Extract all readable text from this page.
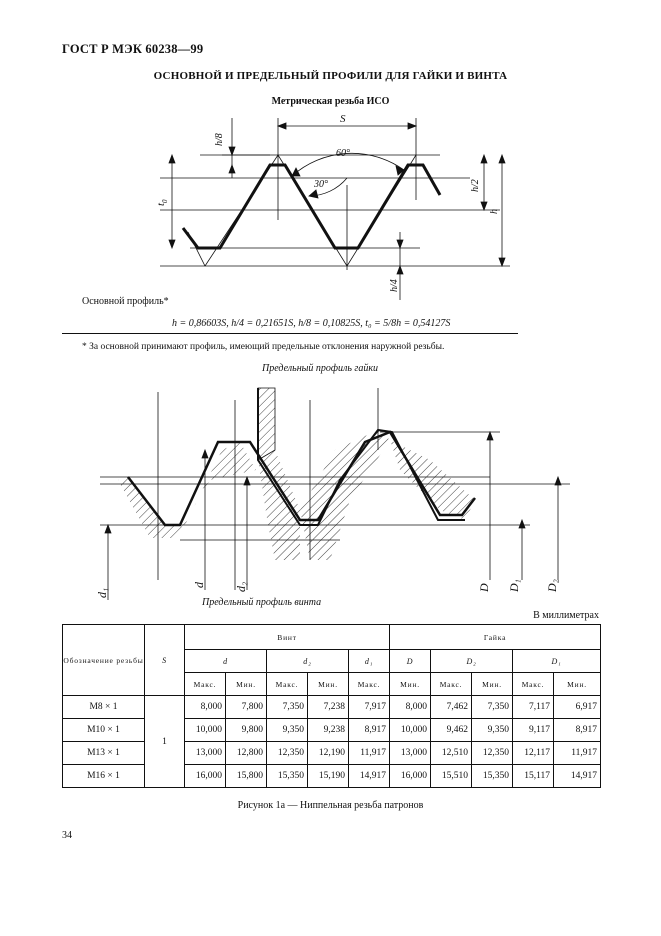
ГОСТ Р МЭК 60238—99
ОСНОВНОЙ И ПРЕДЕЛЬНЫЙ ПРОФИЛИ ДЛЯ ГАЙКИ И ВИНТА
Метрическая резьба ИСО
S
60°
30°
h/8
h/2
h
h/4
$t_0$
Основной профиль*
h = 0,86603S, h/4 = 0,21651S, h/8 = 0,10825S, t₀ = 5/8h = 0,54127S
* За основной принимают профиль, имеющий предельные отклонения наружной резьбы.
d₁
d d₂	D D₁ D₂
Предельный профиль гайки
Предельный профиль винта
В миллиметрах
Обозначение резьбы	S	Винт					Гайка				
		d		d₂		d₁	D	D₂		D₁	
		Макс.	Мин.	Макс.	Мин.	Макс.	Мин.	Макс.	Мин.	Макс.	Мин.
M8 × 1	1	8,000	7,800	7,350	7,238	7,917	8,000	7,462	7,350	7,117	6,917
M10 × 1		10,000	9,800	9,350	9,238	8,917	10,000	9,462	9,350	9,117	8,917
M13 × 1		13,000	12,800	12,350	12,190	11,917	13,000	12,510	12,350	12,117	11,917
M16 × 1		16,000	15,800	15,350	15,190	14,917	16,000	15,510	15,350	15,117	14,917
Рисунок 1а — Ниппельная резьба патронов
34
